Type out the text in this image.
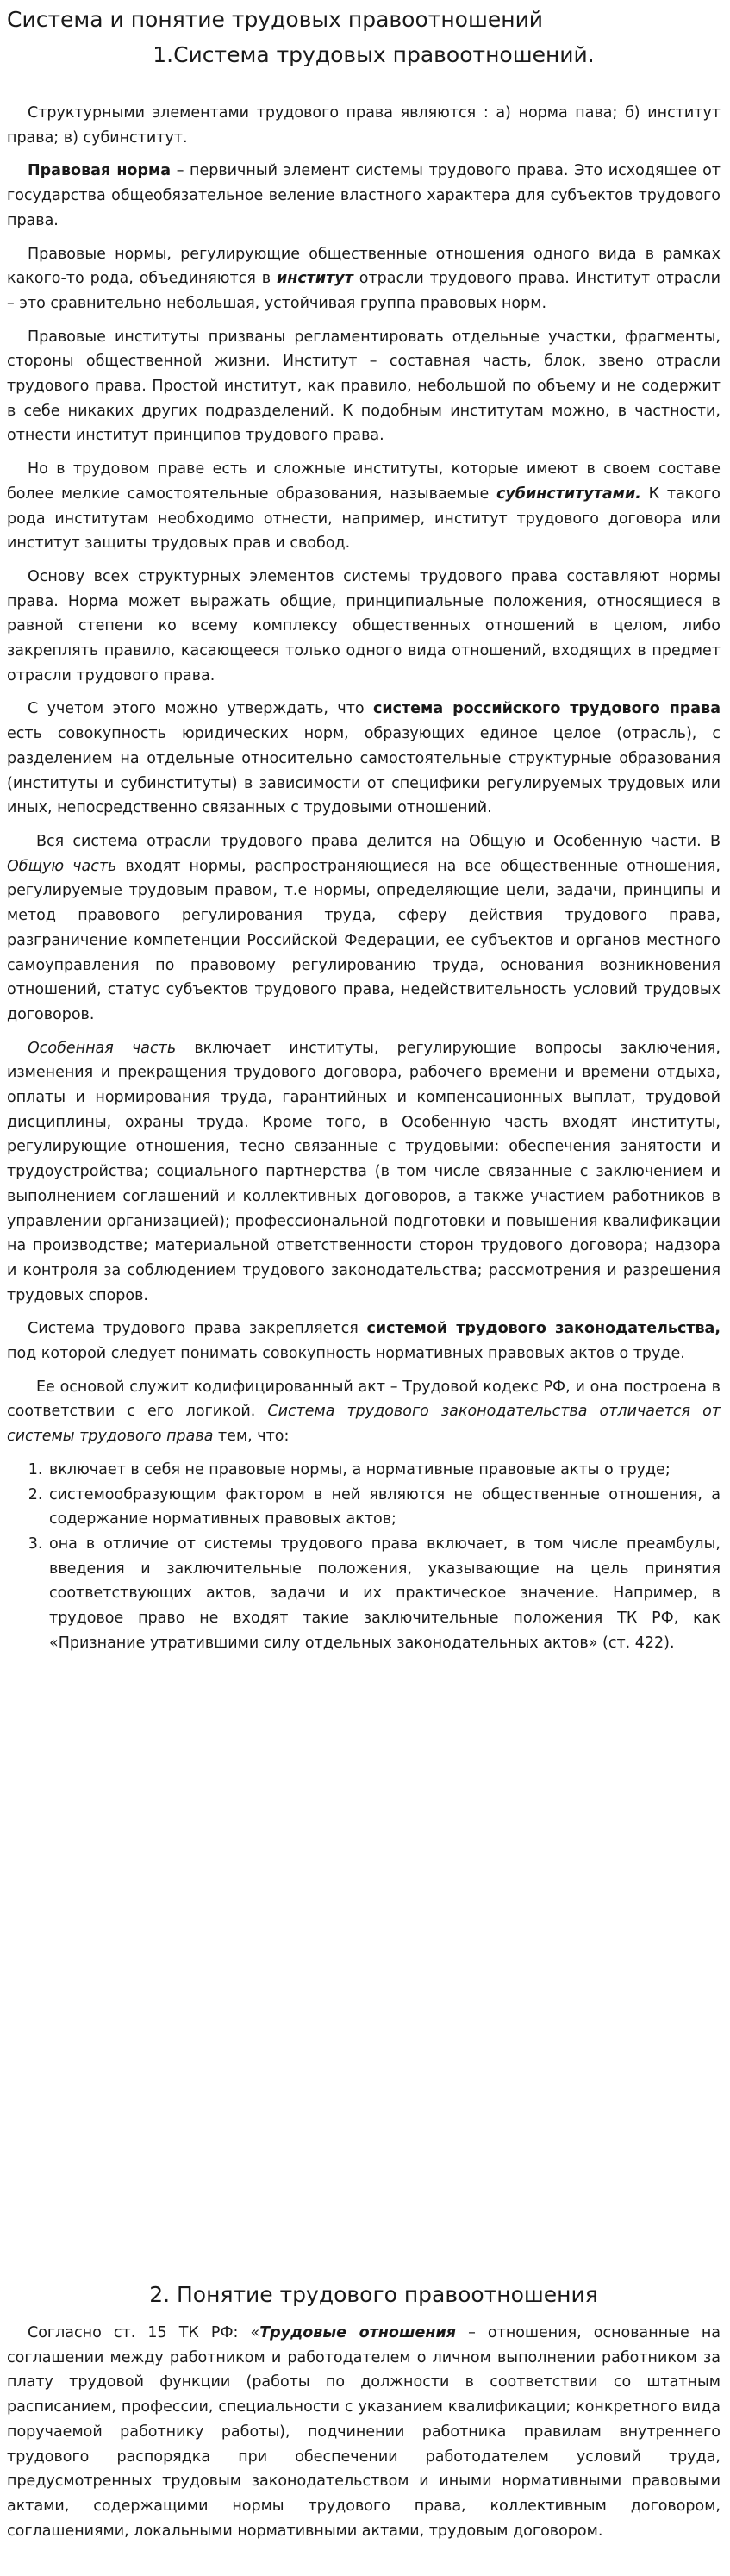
Система и понятие трудовых правоотношений
1.Система трудовых правоотношений.

Структурными элементами трудового права являются : а) норма пава; б) институт права; в) субинститут.

Правовая норма – первичный элемент системы трудового права. Это исходящее от государства общеобязательное веление властного характера для субъектов трудового права.

Правовые нормы, регулирующие общественные отношения одного вида в рамках какого-то рода, объединяются в институт отрасли трудового права. Институт отрасли – это сравнительно небольшая, устойчивая группа правовых норм.

Правовые институты призваны регламентировать отдельные участки, фрагменты, стороны общественной жизни. Институт – составная часть, блок, звено отрасли трудового права. Простой институт, как правило, небольшой по объему и не содержит в себе никаких других подразделений. К подобным институтам можно, в частности, отнести институт принципов трудового права.

Но в трудовом праве есть и сложные институты, которые имеют в своем составе более мелкие самостоятельные образования, называемые субинститутами. К такого рода институтам необходимо отнести, например, институт трудового договора или институт защиты трудовых прав и свобод.

Основу всех структурных элементов системы трудового права составляют нормы права. Норма может выражать общие, принципиальные положения, относящиеся в равной степени ко всему комплексу общественных отношений в целом, либо закреплять правило, касающееся только одного вида отношений, входящих в предмет отрасли трудового права.

С учетом этого можно утверждать, что система российского трудового права есть совокупность юридических норм, образующих единое целое (отрасль), с разделением на отдельные относительно самостоятельные структурные образования (институты и субинституты) в зависимости от специфики регулируемых трудовых или иных, непосредственно связанных с трудовыми отношений.

Вся система отрасли трудового права делится на Общую и Особенную части. В Общую часть входят нормы, распространяющиеся на все общественные отношения, регулируемые трудовым правом, т.е нормы, определяющие цели, задачи, принципы и метод правового регулирования труда, сферу действия трудового права, разграничение компетенции Российской Федерации, ее субъектов и органов местного самоуправления по правовому регулированию труда, основания возникновения отношений, статус субъектов трудового права, недействительность условий трудовых договоров.

Особенная часть включает институты, регулирующие вопросы заключения, изменения и прекращения трудового договора, рабочего времени и времени отдыха, оплаты и нормирования труда, гарантийных и компенсационных выплат, трудовой дисциплины, охраны труда. Кроме того, в Особенную часть входят институты, регулирующие отношения, тесно связанные с трудовыми: обеспечения занятости и трудоустройства; социального партнерства (в том числе связанные с заключением и выполнением соглашений и коллективных договоров, а также участием работников в управлении организацией); профессиональной подготовки и повышения квалификации на производстве; материальной ответственности сторон трудового договора; надзора и контроля за соблюдением трудового законодательства; рассмотрения и разрешения трудовых споров.

Система трудового права закрепляется системой трудового законодательства, под которой следует понимать совокупность нормативных правовых актов о труде.

Ее основой служит кодифицированный акт – Трудовой кодекс РФ, и она построена в соответствии с его логикой. Система трудового законодательства отличается от системы трудового права тем, что:

1. включает в себя не правовые нормы, а нормативные правовые акты о труде;
2. системообразующим фактором в ней являются не общественные отношения, а содержание нормативных правовых актов;
3. она в отличие от системы трудового права включает, в том числе преамбулы, введения и заключительные положения, указывающие на цель принятия соответствующих актов, задачи и их практическое значение. Например, в трудовое право не входят такие заключительные положения ТК РФ, как «Признание утратившими силу отдельных законодательных актов» (ст. 422).
2. Понятие трудового правоотношения

Согласно ст. 15 ТК РФ: «Трудовые отношения – отношения, основанные на соглашении между работником и работодателем о личном выполнении работником за плату трудовой функции (работы по должности в соответствии со штатным расписанием, профессии, специальности с указанием квалификации; конкретного вида поручаемой работнику работы), подчинении работника правилам внутреннего трудового распорядка при обеспечении работодателем условий труда, предусмотренных трудовым законодательством и иными нормативными правовыми актами, содержащими нормы трудового права, коллективным договором, соглашениями, локальными нормативными актами, трудовым договором.
